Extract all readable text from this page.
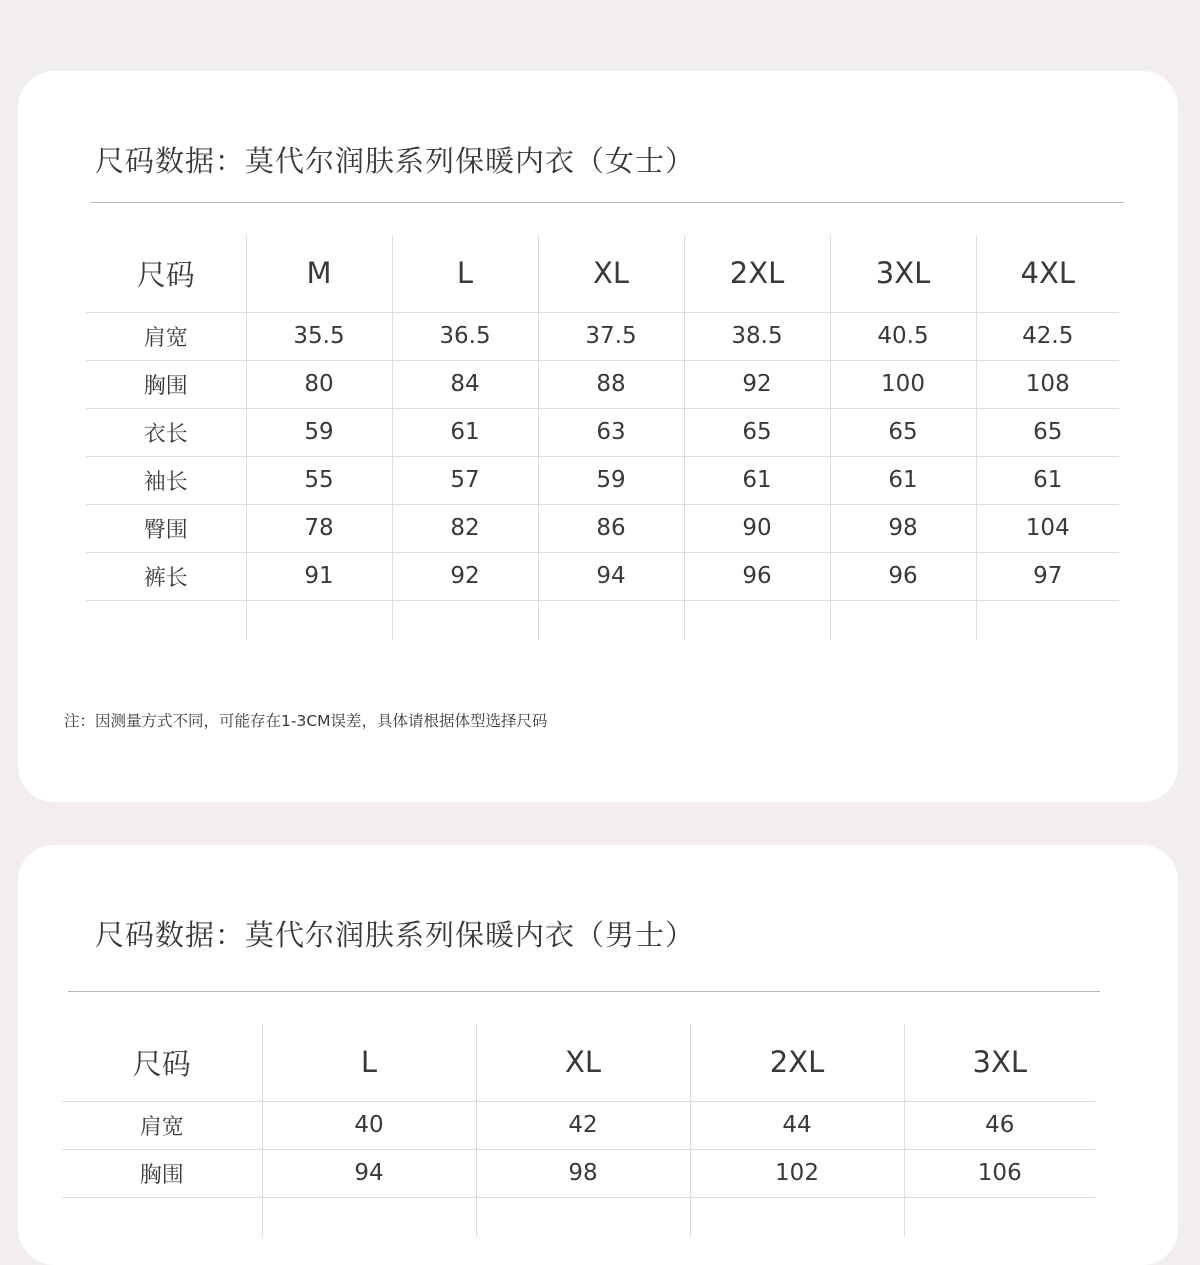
尺码数据：莫代尔润肤系列保暖内衣（女士）
尺码	M	L	XL	2XL	3XL	4XL
肩宽	35.5	36.5	37.5	38.5	40.5	42.5
胸围	80	84	88	92	100	108
衣长	59	61	63	65	65	65
袖长	55	57	59	61	61	61
臀围	78	82	86	90	98	104
裤长	91	92	94	96	96	97

注：因测量方式不同，可能存在1-3CM误差，具体请根据体型选择尺码
尺码数据：莫代尔润肤系列保暖内衣（男士）
尺码	L	XL	2XL	3XL
肩宽	40	42	44	46
胸围	94	98	102	106
